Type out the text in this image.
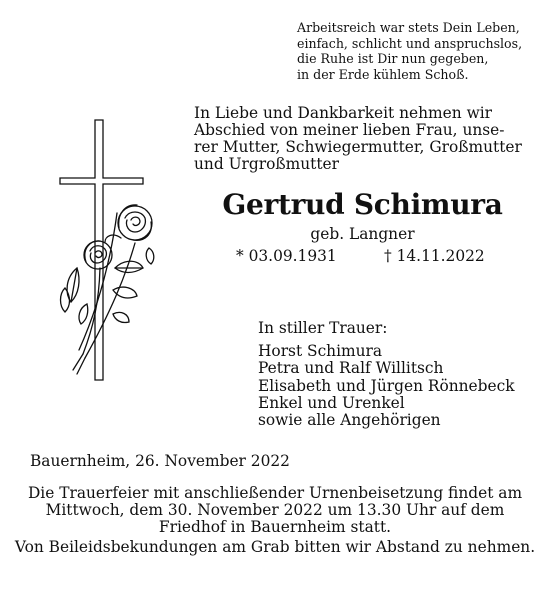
Arbeitsreich war stets Dein Leben,
einfach, schlicht und anspruchslos,
die Ruhe ist Dir nun gegeben,
in der Erde kühlem Schoß.
In Liebe und Dankbarkeit nehmen wir
Abschied von meiner lieben Frau, unse-
rer Mutter, Schwiegermutter, Großmutter
und Urgroßmutter
Gertrud Schimura
geb. Langner
* 03.09.1931	† 14.11.2022
In stiller Trauer:
Horst Schimura
Petra und Ralf Willitsch
Elisabeth und Jürgen Rönnebeck
Enkel und Urenkel
sowie alle Angehörigen
Bauernheim, 26. November 2022

Die Trauerfeier mit anschließender Urnenbeisetzung findet am Mittwoch, dem 30. November 2022 um 13.30 Uhr auf dem Friedhof in Bauernheim statt.

Von Beileidsbekundungen am Grab bitten wir Abstand zu nehmen.
